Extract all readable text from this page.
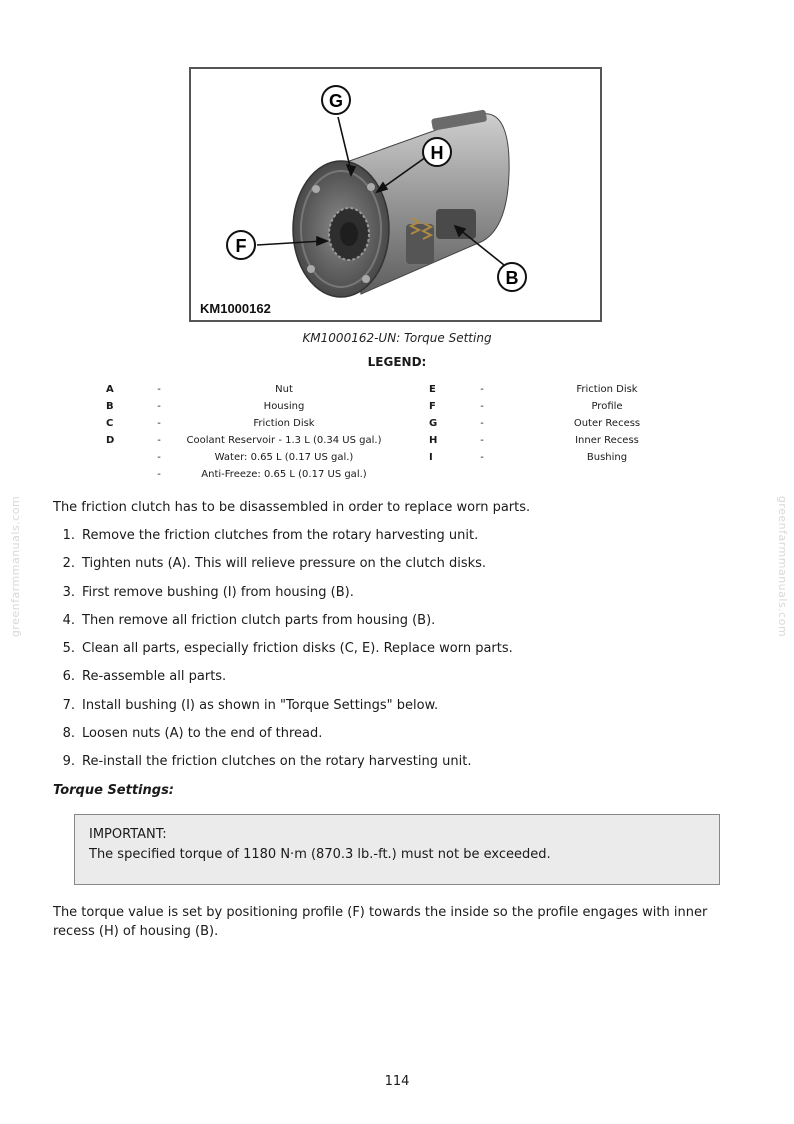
G
H
F
B
KM1000162
KM1000162-UN: Torque Setting
LEGEND:
A	-	Nut	E	-	Friction Disk
B	-	Housing	F	-	Profile
C	-	Friction Disk	G	-	Outer Recess
D	-	Coolant Reservoir - 1.3 L (0.34 US gal.)	H	-	Inner Recess
-	Water: 0.65 L (0.17 US gal.)	I	-	Bushing
-	Anti-Freeze: 0.65 L (0.17 US gal.)
The friction clutch has to be disassembled in order to replace worn parts.
1. Remove the friction clutches from the rotary harvesting unit.
2. Tighten nuts (A). This will relieve pressure on the clutch disks.
3. First remove bushing (I) from housing (B).
4. Then remove all friction clutch parts from housing (B).
5. Clean all parts, especially friction disks (C, E). Replace worn parts.
6. Re-assemble all parts.
7. Install bushing (I) as shown in "Torque Settings" below.
8. Loosen nuts (A) to the end of thread.
9. Re-install the friction clutches on the rotary harvesting unit.
Torque Settings:
IMPORTANT:
The specified torque of 1180 N·m (870.3 lb.-ft.) must not be exceeded.
The torque value is set by positioning profile (F) towards the inside so the profile engages with inner recess (H) of housing (B).
114
greenfarmmanuals.com	greenfarmmanuals.com
